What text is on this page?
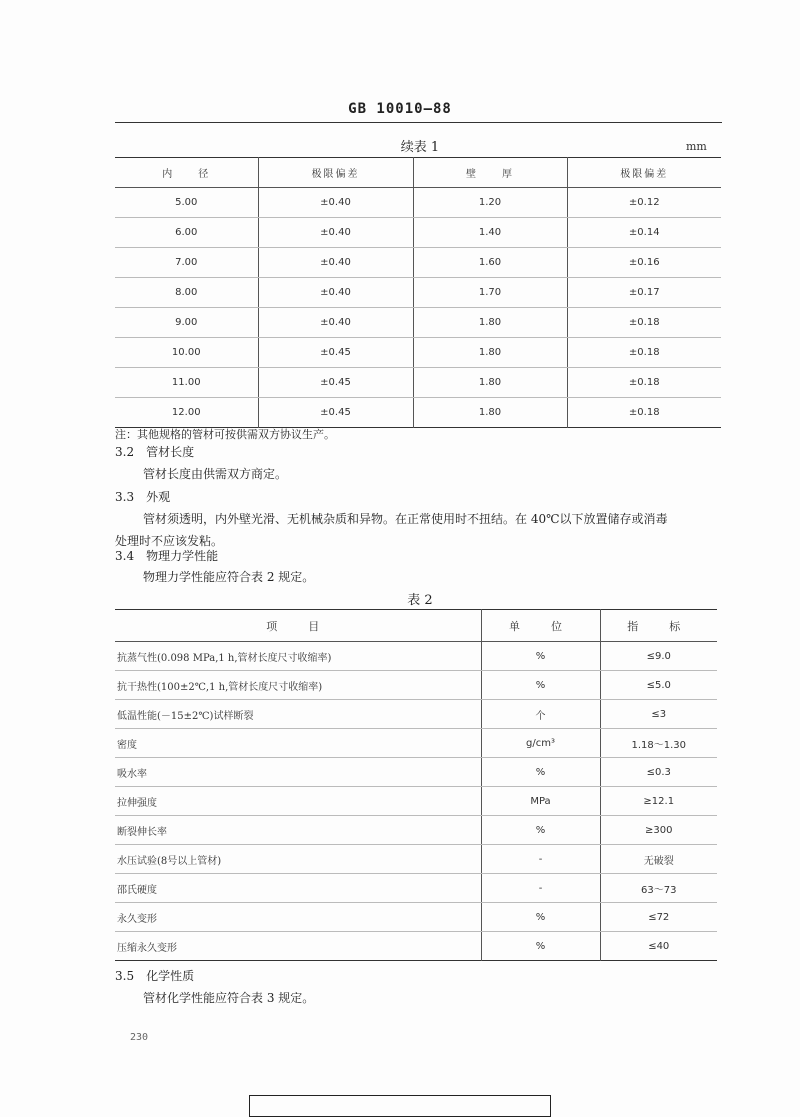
GB 10010—88
续表 1	mm
内　　径	极限偏差	壁　　厚	极限偏差
5.00	±0.40	1.20	±0.12
6.00	±0.40	1.40	±0.14
7.00	±0.40	1.60	±0.16
8.00	±0.40	1.70	±0.17
9.00	±0.40	1.80	±0.18
10.00	±0.45	1.80	±0.18
11.00	±0.45	1.80	±0.18
12.00	±0.45	1.80	±0.18
注：其他规格的管材可按供需双方协议生产。
3.2　管材长度
管材长度由供需双方商定。
3.3　外观
管材须透明，内外壁光滑、无机械杂质和异物。在正常使用时不扭结。在 40℃以下放置储存或消毒
处理时不应该发粘。
3.4　物理力学性能
物理力学性能应符合表 2 规定。
表 2
项　目	单　位	指　标
抗蒸气性(0.098 MPa,1 h,管材长度尺寸收缩率)	%	≤9.0
抗干热性(100±2℃,1 h,管材长度尺寸收缩率)	%	≤5.0
低温性能(－15±2℃)试样断裂	个	≤3
密度	g/cm³	1.18～1.30
吸水率	%	≤0.3
拉伸强度	MPa	≥12.1
断裂伸长率	%	≥300
水压试验(8号以上管材)	-	无破裂
邵氏硬度	-	63～73
永久变形	%	≤72
压缩永久变形	%	≤40
3.5　化学性质
管材化学性能应符合表 3 规定。
230
